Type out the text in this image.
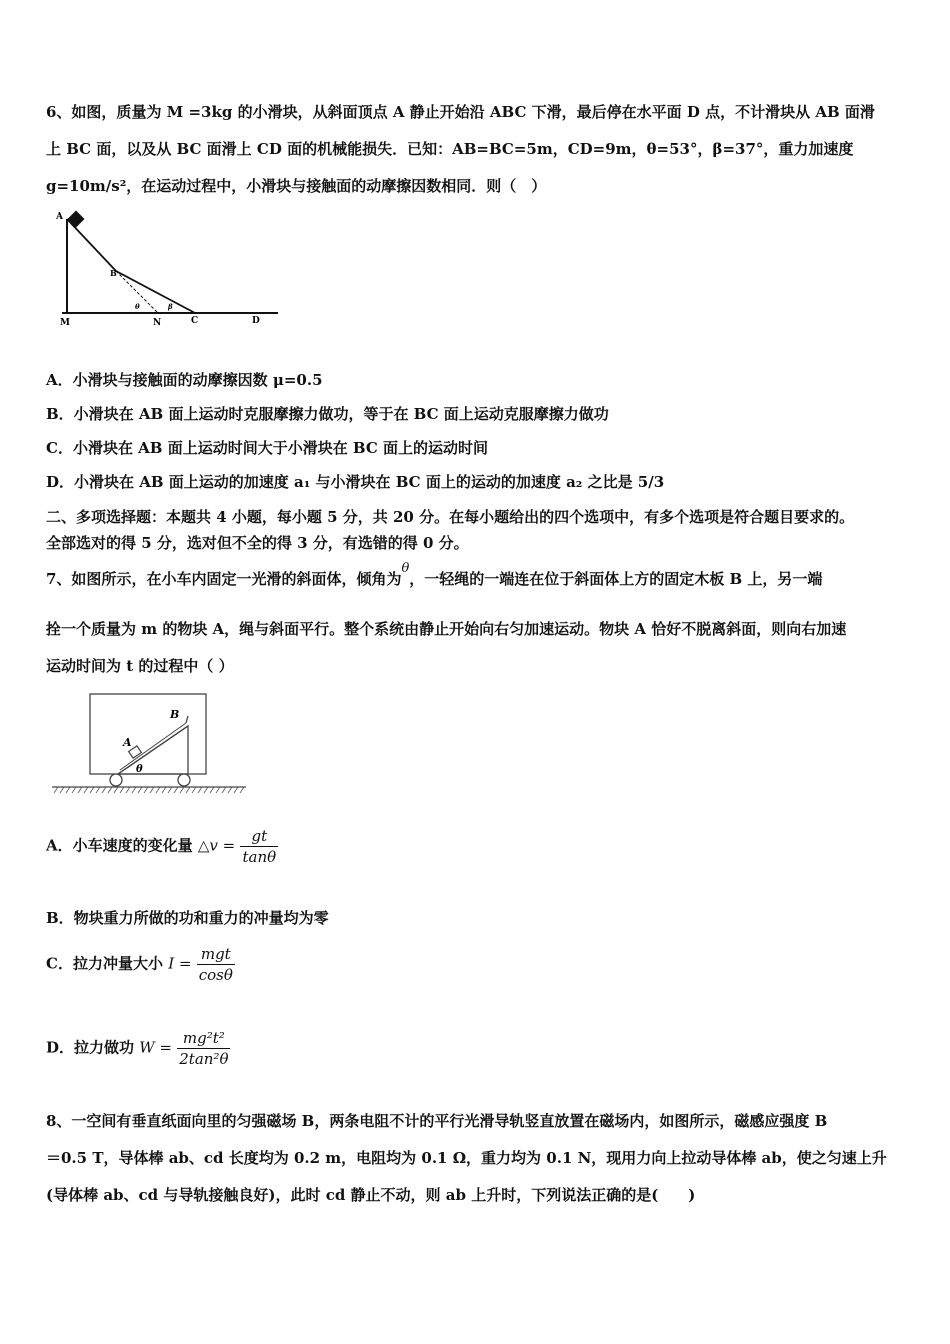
6、如图，质量为 M =3kg 的小滑块，从斜面顶点 A 静止开始沿 ABC 下滑，最后停在水平面 D 点，不计滑块从 AB 面滑
上 BC 面，以及从 BC 面滑上 CD 面的机械能损失．已知：AB=BC=5m，CD=9m，θ=53°，β=37°，重力加速度
g=10m/s²，在运动过程中，小滑块与接触面的动摩擦因数相同．则（　）
A
B
M	N	C	D
θ	β
A．小滑块与接触面的动摩擦因数 μ=0.5
B．小滑块在 AB 面上运动时克服摩擦力做功，等于在 BC 面上运动克服摩擦力做功
C．小滑块在 AB 面上运动时间大于小滑块在 BC 面上的运动时间
D．小滑块在 AB 面上运动的加速度 a₁ 与小滑块在 BC 面上的运动的加速度 a₂ 之比是 5/3
二、多项选择题：本题共 4 小题，每小题 5 分，共 20 分。在每小题给出的四个选项中，有多个选项是符合题目要求的。
全部选对的得 5 分，选对但不全的得 3 分，有选错的得 0 分。
7、如图所示，在小车内固定一光滑的斜面体，倾角为θ，一轻绳的一端连在位于斜面体上方的固定木板 B 上，另一端
拴一个质量为 m 的物块 A，绳与斜面平行。整个系统由静止开始向右匀加速运动。物块 A 恰好不脱离斜面，则向右加速
运动时间为 t 的过程中（ ）
A
B
θ
A．小车速度的变化量 △v = $\frac{gt}{\tan\theta}$
B．物块重力所做的功和重力的冲量均为零
C．拉力冲量大小 $I = \frac{\text{mgt}}{\cos\theta}$
D．拉力做功 $W = \frac{\text{mg²t²}}{\text{2tan²θ}}$
8、一空间有垂直纸面向里的匀强磁场 B，两条电阻不计的平行光滑导轨竖直放置在磁场内，如图所示，磁感应强度 B
＝0.5 T，导体棒 ab、cd 长度均为 0.2 m，电阻均为 0.1 Ω，重力均为 0.1 N，现用力向上拉动导体棒 ab，使之匀速上升
(导体棒 ab、cd 与导轨接触良好)，此时 cd 静止不动，则 ab 上升时，下列说法正确的是(　　)
